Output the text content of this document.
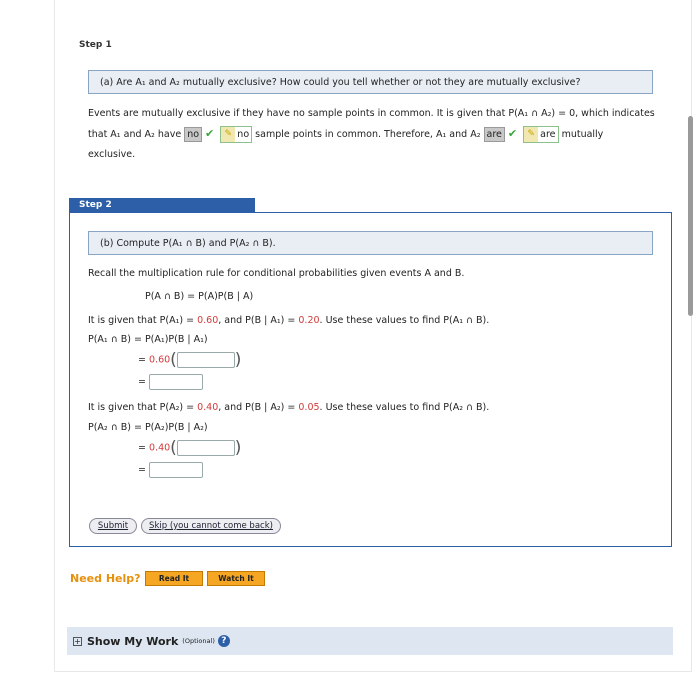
Step 1
(a) Are A₁ and A₂ mutually exclusive? How could you tell whether or not they are mutually exclusive?
Events are mutually exclusive if they have no sample points in common. It is given that P(A₁ ∩ A₂) = 0, which indicates
that A₁ and A₂ have no ✔ ✎ no sample points in common. Therefore, A₁ and A₂ are ✔ ✎ are mutually
exclusive.
Step 2
(b) Compute P(A₁ ∩ B) and P(A₂ ∩ B).
Recall the multiplication rule for conditional probabilities given events A and B.
P(A ∩ B) = P(A)P(B | A)
It is given that P(A₁) = 0.60, and P(B | A₁) = 0.20. Use these values to find P(A₁ ∩ B).
P(A₁ ∩ B) = P(A₁)P(B | A₁)
= 0.60(	)
=
It is given that P(A₂) = 0.40, and P(B | A₂) = 0.05. Use these values to find P(A₂ ∩ B).
P(A₂ ∩ B) = P(A₂)P(B | A₂)
= 0.40(	)
=
Submit	Skip (you cannot come back)
Need Help?	Read It	Watch It
+ Show My Work (Optional) ?
